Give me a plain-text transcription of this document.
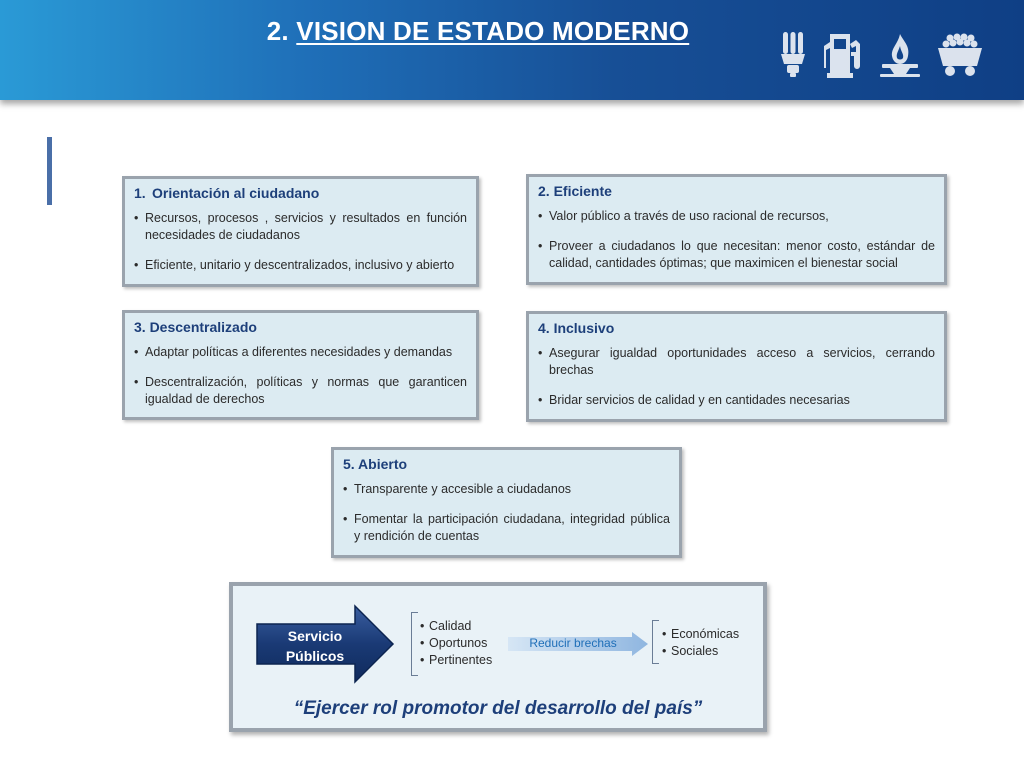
2. VISION DE ESTADO MODERNO
1. Orientación al ciudadano
• Recursos, procesos , servicios y resultados en función necesidades de ciudadanos
• Eficiente, unitario y descentralizados, inclusivo y abierto
2. Eficiente
• Valor público a través de uso racional de recursos,
• Proveer a ciudadanos lo que necesitan: menor costo, estándar de calidad, cantidades óptimas; que maximicen el bienestar social
3. Descentralizado
• Adaptar políticas a diferentes necesidades y demandas
• Descentralización, políticas y normas que garanticen igualdad de derechos
4. Inclusivo
• Asegurar igualdad oportunidades acceso a servicios, cerrando brechas
• Bridar servicios de calidad y en cantidades necesarias
5. Abierto
• Transparente y accesible a ciudadanos
• Fomentar la participación ciudadana, integridad pública y rendición de cuentas
Servicio
Públicos
• Calidad
• Oportunos
• Pertinentes
Reducir brechas
• Económicas
• Sociales
“Ejercer rol promotor del desarrollo del país”
